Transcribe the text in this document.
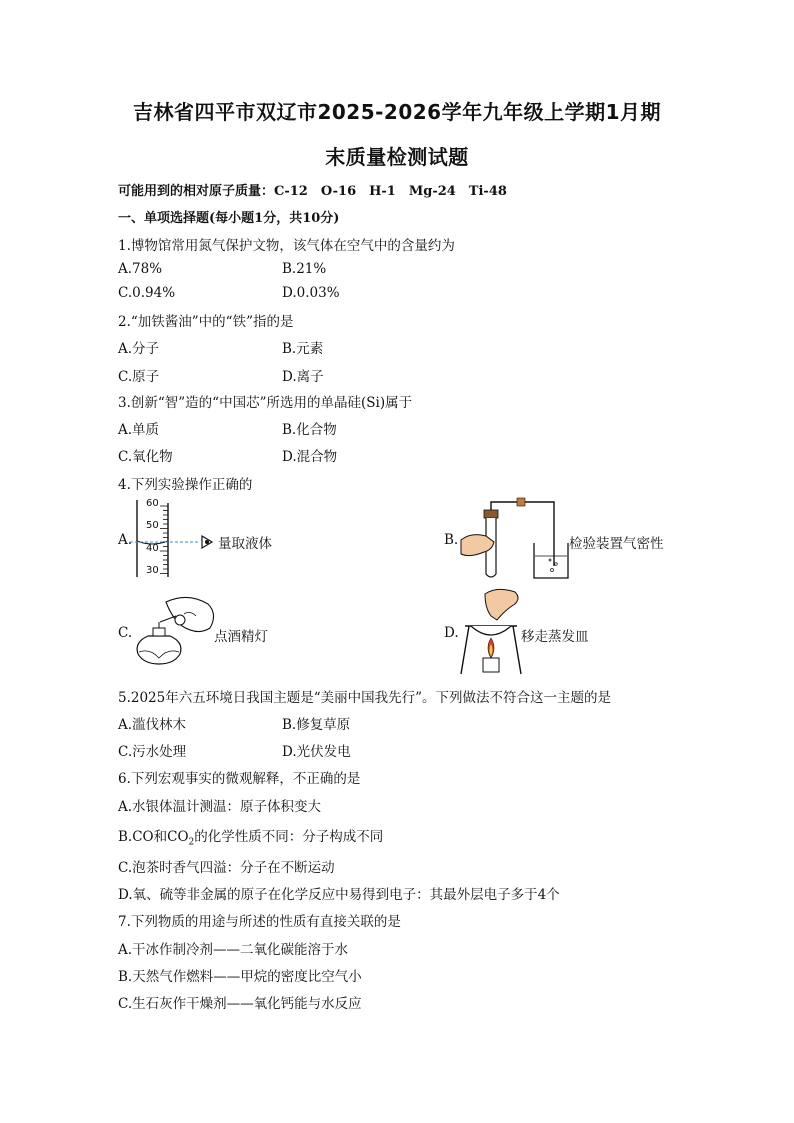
吉林省四平市双辽市2025-2026学年九年级上学期1月期
末质量检测试题
可能用到的相对原子质量：C-12　O-16　H-1　Mg-24　Ti-48
一、单项选择题(每小题1分，共10分)
1.博物馆常用氮气保护文物，该气体在空气中的含量约为
A.78%	B.21%
C.0.94%	D.0.03%
2.“加铁酱油”中的“铁”指的是
A.分子	B.元素
C.原子	D.离子
3.创新“智”造的“中国芯”所选用的单晶硅(Si)属于
A.单质	B.化合物
C.氧化物	D.混合物
4.下列实验操作正确的
A.
60
50
40
30
量取液体	B.	检验装置气密性
C.	点酒精灯	D.	移走蒸发皿
5.2025年六五环境日我国主题是“美丽中国我先行”。下列做法不符合这一主题的是
A.滥伐林木	B.修复草原
C.污水处理	D.光伏发电
6.下列宏观事实的微观解释，不正确的是
A.水银体温计测温：原子体积变大
B.CO和$CO_2$的化学性质不同：分子构成不同
C.泡茶时香气四溢：分子在不断运动
D.氧、硫等非金属的原子在化学反应中易得到电子：其最外层电子多于4个
7.下列物质的用途与所述的性质有直接关联的是
A.干冰作制冷剂——二氧化碳能溶于水
B.天然气作燃料——甲烷的密度比空气小
C.生石灰作干燥剂——氧化钙能与水反应
